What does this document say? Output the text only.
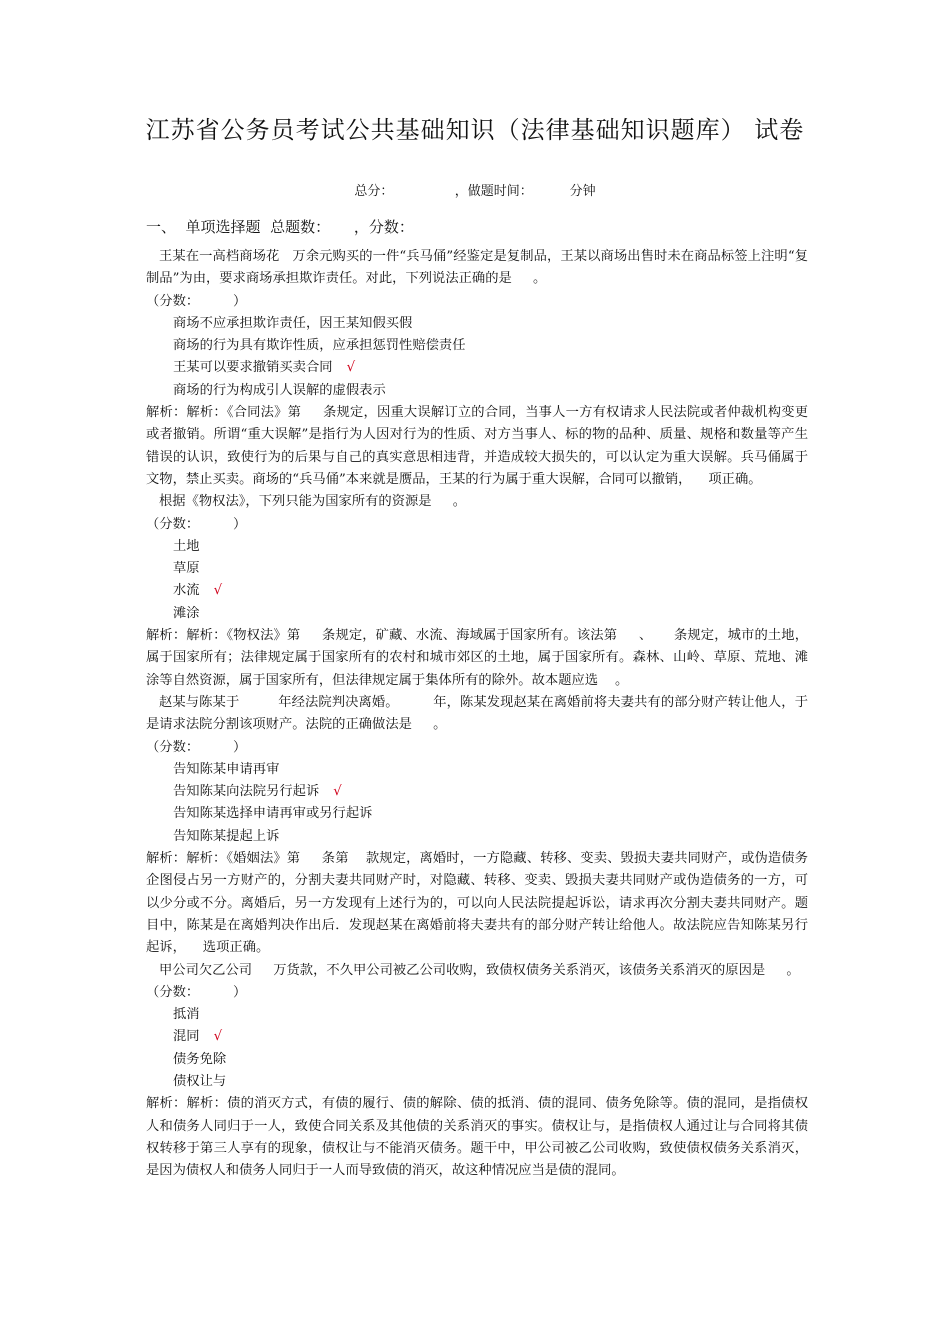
江苏省公务员考试公共基础知识（法律基础知识题库） 试卷
总分：	，做题时间：	分钟
一、  单项选择题  总题数：     ，分数：

王某在一高档商场花   万余元购买的一件“兵马俑”经鉴定是复制品，王某以商场出售时未在商品标签上注明“复制品”为由，要求商场承担欺诈责任。对此，下列说法正确的是     。

（分数：        ）

商场不应承担欺诈责任，因王某知假买假

商场的行为具有欺诈性质，应承担惩罚性赔偿责任

王某可以要求撤销买卖合同 √

商场的行为构成引人误解的虚假表示

解析：解析：《合同法》第     条规定，因重大误解订立的合同，当事人一方有权请求人民法院或者仲裁机构变更或者撤销。所谓“重大误解”是指行为人因对行为的性质、对方当事人、标的物的品种、质量、规格和数量等产生错误的认识，致使行为的后果与自己的真实意思相违背，并造成较大损失的，可以认定为重大误解。兵马俑属于文物，禁止买卖。商场的“兵马俑”本来就是赝品，王某的行为属于重大误解，合同可以撤销，    项正确。

根据《物权法》，下列只能为国家所有的资源是     。

（分数：        ）

土地

草原

水流 √

滩涂

解析：解析：《物权法》第     条规定，矿藏、水流、海域属于国家所有。该法第     、     条规定，城市的土地，属于国家所有；法律规定属于国家所有的农村和城市郊区的土地，属于国家所有。森林、山岭、草原、荒地、滩涂等自然资源，属于国家所有，但法律规定属于集体所有的除外。故本题应选    。

赵某与陈某于         年经法院判决离婚。        年，陈某发现赵某在离婚前将夫妻共有的部分财产转让他人，于是请求法院分割该项财产。法院的正确做法是     。

（分数：        ）

告知陈某申请再审

告知陈某向法院另行起诉 √

告知陈某选择申请再审或另行起诉

告知陈某提起上诉

解析：解析：《婚姻法》第     条第    款规定，离婚时，一方隐藏、转移、变卖、毁损夫妻共同财产，或伪造债务企图侵占另一方财产的，分割夫妻共同财产时，对隐藏、转移、变卖、毁损夫妻共同财产或伪造债务的一方，可以少分或不分。离婚后，另一方发现有上述行为的，可以向人民法院提起诉讼，请求再次分割夫妻共同财产。题目中，陈某是在离婚判决作出后．发现赵某在离婚前将夫妻共有的部分财产转让给他人。故法院应告知陈某另行起诉，    选项正确。

甲公司欠乙公司     万货款，不久甲公司被乙公司收购，致债权债务关系消灭，该债务关系消灭的原因是     。

（分数：        ）

抵消

混同 √

债务免除

债权让与

解析：解析：债的消灭方式，有债的履行、债的解除、债的抵消、债的混同、债务免除等。债的混同，是指债权人和债务人同归于一人，致使合同关系及其他债的关系消灭的事实。债权让与，是指债权人通过让与合同将其债权转移于第三人享有的现象，债权让与不能消灭债务。题干中，甲公司被乙公司收购，致使债权债务关系消灭，是因为债权人和债务人同归于一人而导致债的消灭，故这种情况应当是债的混同。
